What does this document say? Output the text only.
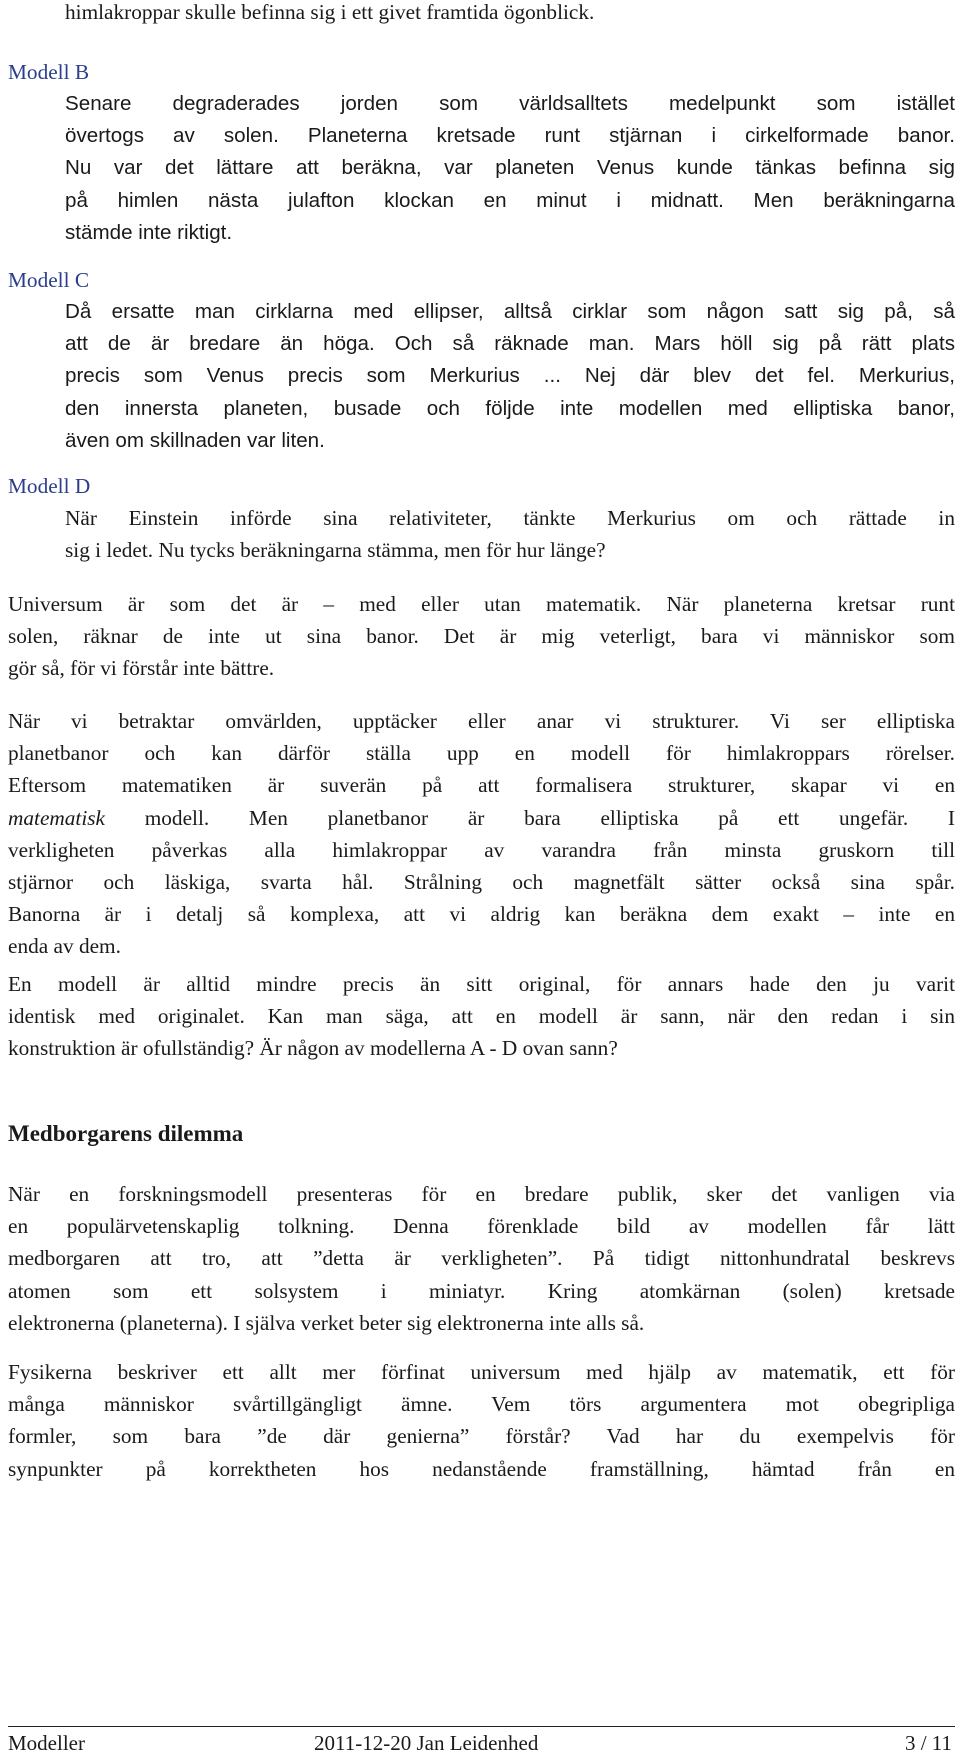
himlakroppar skulle befinna sig i ett givet framtida ögonblick.
Modell B
Senare degraderades jorden som världsalltets medelpunkt som istället
övertogs av solen. Planeterna kretsade runt stjärnan i cirkelformade banor.
Nu var det lättare att beräkna, var planeten Venus kunde tänkas befinna sig
på himlen nästa julafton klockan en minut i midnatt. Men beräkningarna
stämde inte riktigt.
Modell C
Då ersatte man cirklarna med ellipser, alltså cirklar som någon satt sig på, så
att de är bredare än höga. Och så räknade man. Mars höll sig på rätt plats
precis som Venus precis som Merkurius ... Nej där blev det fel. Merkurius,
den innersta planeten, busade och följde inte modellen med elliptiska banor,
även om skillnaden var liten.
Modell D
När Einstein införde sina relativiteter, tänkte Merkurius om och rättade in
sig i ledet. Nu tycks beräkningarna stämma, men för hur länge?
Universum är som det är – med eller utan matematik. När planeterna kretsar runt
solen, räknar de inte ut sina banor. Det är mig veterligt, bara vi människor som
gör så, för vi förstår inte bättre.
När vi betraktar omvärlden, upptäcker eller anar vi strukturer. Vi ser elliptiska
planetbanor och kan därför ställa upp en modell för himlakroppars rörelser.
Eftersom matematiken är suverän på att formalisera strukturer, skapar vi en
matematisk modell. Men planetbanor är bara elliptiska på ett ungefär. I
verkligheten påverkas alla himlakroppar av varandra från minsta gruskorn till
stjärnor och läskiga, svarta hål. Strålning och magnetfält sätter också sina spår.
Banorna är i detalj så komplexa, att vi aldrig kan beräkna dem exakt – inte en
enda av dem.
En modell är alltid mindre precis än sitt original, för annars hade den ju varit
identisk med originalet. Kan man säga, att en modell är sann, när den redan i sin
konstruktion är ofullständig? Är någon av modellerna A - D ovan sann?
Medborgarens dilemma
När en forskningsmodell presenteras för en bredare publik, sker det vanligen via
en populärvetenskaplig tolkning. Denna förenklade bild av modellen får lätt
medborgaren att tro, att ”detta är verkligheten”. På tidigt nittonhundratal beskrevs
atomen som ett solsystem i miniatyr. Kring atomkärnan (solen) kretsade
elektronerna (planeterna). I själva verket beter sig elektronerna inte alls så.
Fysikerna beskriver ett allt mer förfinat universum med hjälp av matematik, ett för
många människor svårtillgängligt ämne. Vem törs argumentera mot obegripliga
formler, som bara ”de där genierna” förstår? Vad har du exempelvis för
synpunkter på korrektheten hos nedanstående framställning, hämtad från en
Modeller	2011-12-20 Jan Leidenhed	3 / 11
